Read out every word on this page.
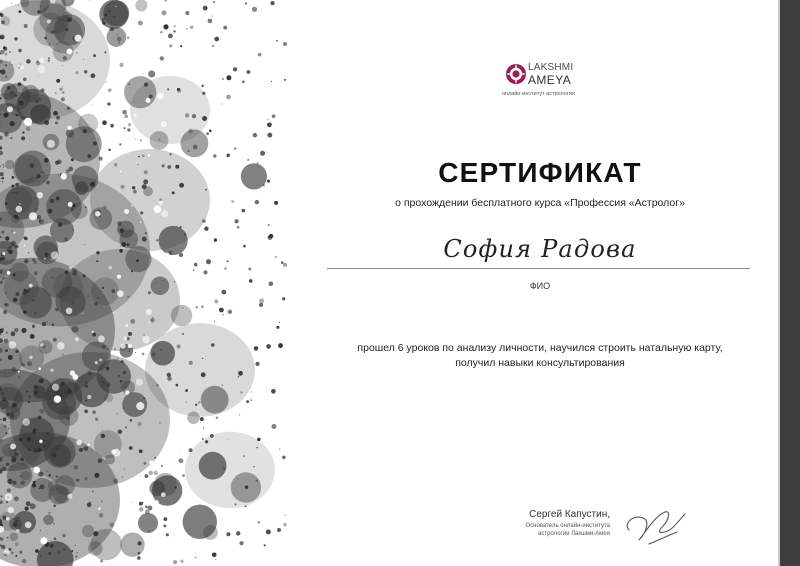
LAKSHMI
AMEYA
онлайн-институт астрологии
СЕРТИФИКАТ
о прохождении бесплатного курса «Профессия «Астролог»
София Радова
ФИО
прошел 6 уроков по анализу личности, научился строить натальную карту,
получил навыки консультирования
Сергей Капустин,
Основатель онлайн-института
астрологии Лакшми-Амея
